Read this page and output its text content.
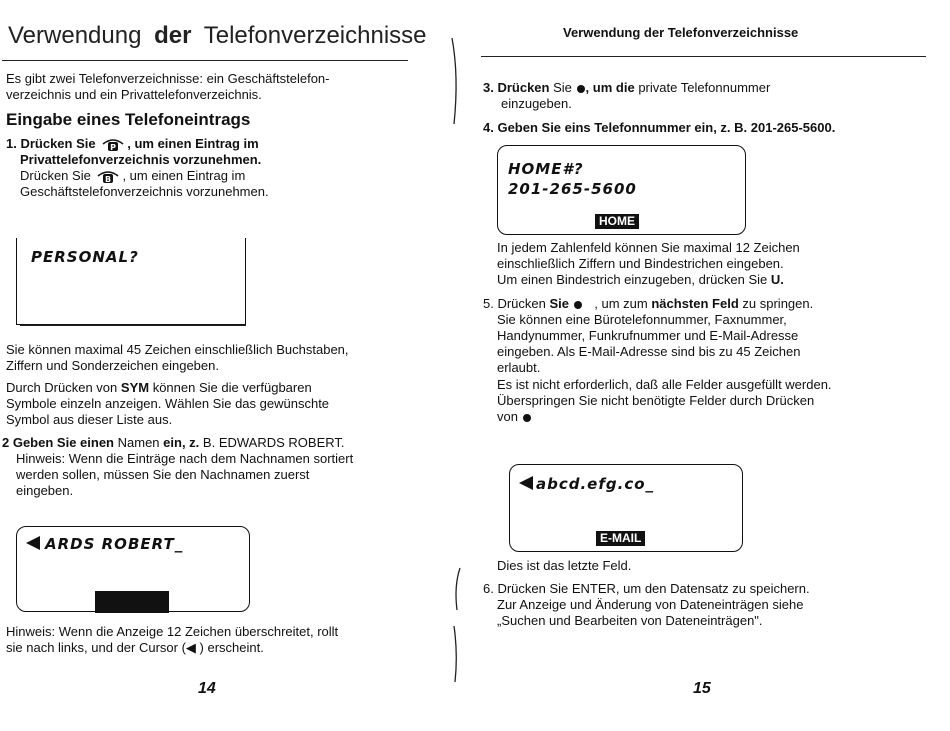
Verwendung der Telefonverzeichnisse
Es gibt zwei Telefonverzeichnisse: ein Geschäftstelefon-
verzeichnis und ein Privattelefonverzeichnis.
Eingabe eines Telefoneintrags
1. Drücken Sie P , um einen Eintrag im
Privattelefonverzeichnis vorzunehmen.
Drücken Sie B , um einen Eintrag im
Geschäftstelefonverzeichnis vorzunehmen.
PERSONAL?
Sie können maximal 45 Zeichen einschließlich Buchstaben,
Ziffern und Sonderzeichen eingeben.
Durch Drücken von SYM können Sie die verfügbaren
Symbole einzeln anzeigen. Wählen Sie das gewünschte
Symbol aus dieser Liste aus.
2 Geben Sie einen Namen ein, z. B. EDWARDS ROBERT.
Hinweis: Wenn die Einträge nach dem Nachnamen sortiert
werden sollen, müssen Sie den Nachnamen zuerst
eingeben.
ARDS ROBERT_
Hinweis: Wenn die Anzeige 12 Zeichen überschreitet, rollt
sie nach links, und der Cursor (◀ ) erscheint.
14
Verwendung der Telefonverzeichnisse
3. Drücken Sie , um die private Telefonnummer
einzugeben.
4. Geben Sie eins Telefonnummer ein, z. B. 201-265-5600.
HOME#?
201-265-5600
HOME
In jedem Zahlenfeld können Sie maximal 12 Zeichen
einschließlich Ziffern und Bindestrichen eingeben.
Um einen Bindestrich einzugeben, drücken Sie U.
5. Drücken Sie , um zum nächsten Feld zu springen.
Sie können eine Bürotelefonnummer, Faxnummer,
Handynummer, Funkrufnummer und E-Mail-Adresse
eingeben. Als E-Mail-Adresse sind bis zu 45 Zeichen
erlaubt.
Es ist nicht erforderlich, daß alle Felder ausgefüllt werden.
Überspringen Sie nicht benötigte Felder durch Drücken
von
abcd.efg.co_
E-MAIL
Dies ist das letzte Feld.
6. Drücken Sie ENTER, um den Datensatz zu speichern.
Zur Anzeige und Änderung von Dateneinträgen siehe
„Suchen und Bearbeiten von Dateneinträgen".
15
